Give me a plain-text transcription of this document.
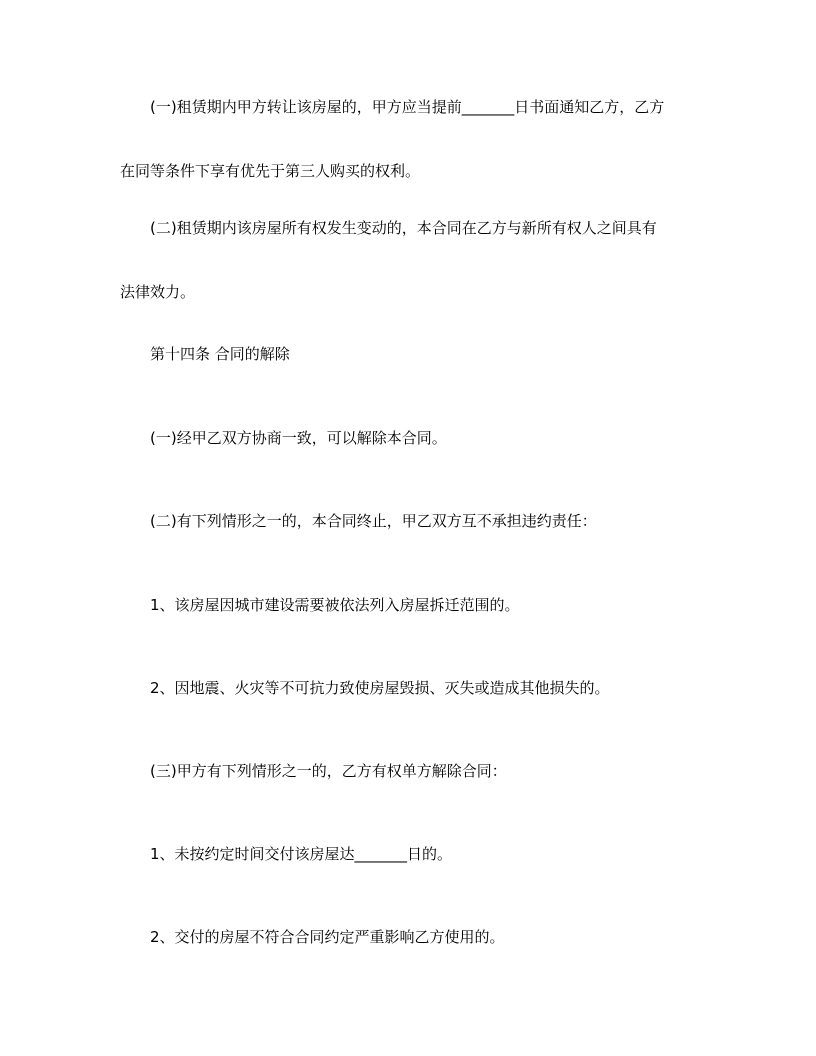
(一)租赁期内甲方转让该房屋的，甲方应当提前_______日书面通知乙方，乙方
在同等条件下享有优先于第三人购买的权利。
(二)租赁期内该房屋所有权发生变动的，本合同在乙方与新所有权人之间具有
法律效力。
第十四条 合同的解除
(一)经甲乙双方协商一致，可以解除本合同。
(二)有下列情形之一的，本合同终止，甲乙双方互不承担违约责任：
1、该房屋因城市建设需要被依法列入房屋拆迁范围的。
2、因地震、火灾等不可抗力致使房屋毁损、灭失或造成其他损失的。
(三)甲方有下列情形之一的，乙方有权单方解除合同：
1、未按约定时间交付该房屋达_______日的。
2、交付的房屋不符合合同约定严重影响乙方使用的。
